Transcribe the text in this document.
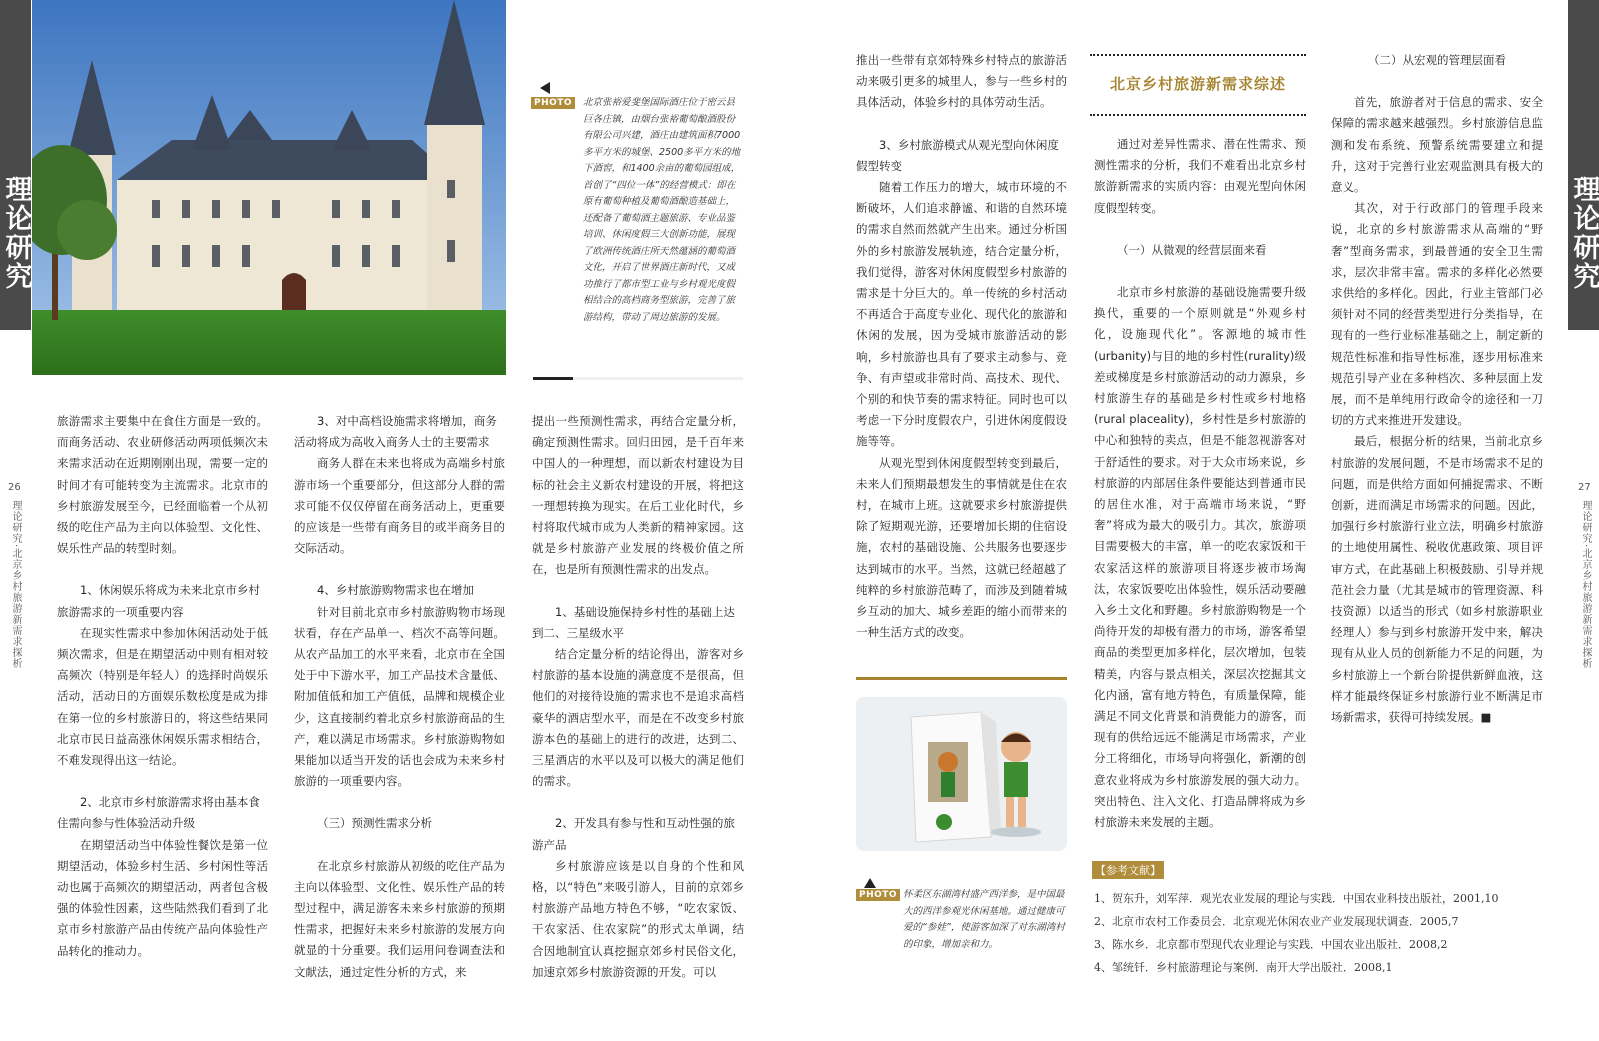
理论研究
26
理论研究·北京乡村旅游新需求探析
PHOTO	北京张裕爱斐堡国际酒庄位于密云县巨各庄镇，由烟台张裕葡萄酿酒股份有限公司兴建，酒庄由建筑面积7000多平方米的城堡、2500多平方米的地下酒窖，和1400余亩的葡萄园组成，首创了“四位一体”的经营模式：即在原有葡萄种植及葡萄酒酿造基础上，还配备了葡萄酒主题旅游、专业品鉴培训、休闲度假三大创新功能，展现了欧洲传统酒庄所天然蕴涵的葡萄酒文化，开启了世界酒庄新时代，又成功推行了都市型工业与乡村观光度假相结合的高档商务型旅游，完善了旅游结构，带动了周边旅游的发展。
旅游需求主要集中在食住方面是一致的。而商务活动、农业研修活动两项低频次未来需求活动在近期刚刚出现，需要一定的时间才有可能转变为主流需求。北京市的乡村旅游发展至今，已经面临着一个从初级的吃住产品为主向以体验型、文化性、娱乐性产品的转型时刻。
1、休闲娱乐将成为未来北京市乡村旅游需求的一项重要内容
在现实性需求中参加休闲活动处于低频次需求，但是在期望活动中则有相对较高频次（特别是年轻人）的选择时尚娱乐活动，活动日的方面娱乐数松度是成为排在第一位的乡村旅游日的，将这些结果同北京市民日益高涨休闲娱乐需求相结合，不难发现得出这一结论。
2、北京市乡村旅游需求将由基本食住需向参与性体验活动升级
在期望活动当中体验性餐饮是第一位期望活动，体验乡村生活、乡村闲性等活动也属于高频次的期望活动，两者包含极强的体验性因素，这些陆然我们看到了北京市乡村旅游产品由传统产品向体验性产品转化的推动力。
3、对中高档设施需求将增加，商务活动将成为高收入商务人士的主要需求
商务人群在未来也将成为高端乡村旅游市场一个重要部分，但这部分人群的需求可能不仅仅停留在商务活动上，更重要的应该是一些带有商务目的或半商务目的交际活动。
4、乡村旅游购物需求也在增加
针对目前北京市乡村旅游购物市场现状看，存在产品单一、档次不高等问题。从农产品加工的水平来看，北京市在全国处于中下游水平，加工产品技术含量低、附加值低和加工产值低，品牌和规模企业少，这直接制约着北京乡村旅游商品的生产，难以满足市场需求。乡村旅游购物如果能加以适当开发的话也会成为未来乡村旅游的一项重要内容。
（三）预测性需求分析
在北京乡村旅游从初级的吃住产品为主向以体验型、文化性、娱乐性产品的转型过程中，满足游客未来乡村旅游的预期性需求，把握好未来乡村旅游的发展方向就显的十分重要。我们运用问卷调查法和文献法，通过定性分析的方式，来
提出一些预测性需求，再结合定量分析，确定预测性需求。回归田园，是千百年来中国人的一种理想，而以新农村建设为目标的社会主义新农村建设的开展，将把这一理想转换为现实。在后工业化时代，乡村将取代城市成为人类新的精神家园。这就是乡村旅游产业发展的终极价值之所在，也是所有预测性需求的出发点。
1、基础设施保持乡村性的基础上达到二、三星级水平
结合定量分析的结论得出，游客对乡村旅游的基本设施的满意度不是很高，但他们的对接待设施的需求也不是追求高档豪华的酒店型水平，而是在不改变乡村旅游本色的基础上的进行的改进，达到二、三星酒店的水平以及可以极大的满足他们的需求。
2、开发具有参与性和互动性强的旅游产品
乡村旅游应该是以自身的个性和风格，以“特色”来吸引游人，目前的京郊乡村旅游产品地方特色不够，“吃农家饭、干农家活、住农家院”的形式太单调，结合因地制宜认真挖掘京郊乡村民俗文化，加速京郊乡村旅游资源的开发。可以
理论研究
27
理论研究·北京乡村旅游新需求探析
推出一些带有京郊特殊乡村特点的旅游活动来吸引更多的城里人，参与一些乡村的具体活动，体验乡村的具体劳动生活。
3、乡村旅游模式从观光型向休闲度假型转变
随着工作压力的增大，城市环境的不断破坏，人们追求静谧、和谐的自然环境的需求自然而然就产生出来。通过分析国外的乡村旅游发展轨迹，结合定量分析，我们觉得，游客对休闲度假型乡村旅游的需求是十分巨大的。单一传统的乡村活动不再适合于高度专业化、现代化的旅游和休闲的发展，因为受城市旅游活动的影响，乡村旅游也具有了要求主动参与、竞争、有声望或非常时尚、高技术、现代、个别的和快节奏的需求特征。同时也可以考虑一下分时度假农户，引进休闲度假设施等等。
从观光型到休闲度假型转变到最后，未来人们预期最想发生的事情就是住在农村，在城市上班。这就要求乡村旅游提供除了短期观光游，还要增加长期的住宿设施，农村的基础设施、公共服务也要逐步达到城市的水平。当然，这就已经超越了纯粹的乡村旅游范畴了，而涉及到随着城乡互动的加大、城乡差距的缩小而带来的一种生活方式的改变。
北京乡村旅游新需求综述
通过对差异性需求、潜在性需求、预测性需求的分析，我们不难看出北京乡村旅游新需求的实质内容：由观光型向休闲度假型转变。
（一）从微观的经营层面来看
北京市乡村旅游的基础设施需要升级换代，重要的一个原则就是“外观乡村化，设施现代化”。客源地的城市性(urbanity)与目的地的乡村性(rurality)级差或梯度是乡村旅游活动的动力源泉，乡村旅游生存的基础是乡村性或乡村地格(rural placeality)，乡村性是乡村旅游的中心和独特的卖点，但是不能忽视游客对于舒适性的要求。对于大众市场来说，乡村旅游的内部居住条件要能达到普通市民的居住水准，对于高端市场来说，“野奢”将成为最大的吸引力。其次，旅游项目需要极大的丰富，单一的吃农家饭和干农家活这样的旅游项目将逐步被市场淘汰，农家饭要吃出体验性，娱乐活动要融入乡土文化和野趣。乡村旅游购物是一个尚待开发的却极有潜力的市场，游客希望商品的类型更加多样化，层次增加，包装精美，内容与景点相关，深层次挖掘其文化内涵，富有地方特色，有质量保障，能满足不同文化背景和消费能力的游客，而现有的供给远远不能满足市场需求，产业分工将细化，市场导向将强化，新潮的创意农业将成为乡村旅游发展的强大动力。突出特色、注入文化、打造品牌将成为乡村旅游未来发展的主题。
（二）从宏观的管理层面看
首先，旅游者对于信息的需求、安全保障的需求越来越强烈。乡村旅游信息监测和发布系统、预警系统需要建立和提升，这对于完善行业宏观监测具有极大的意义。
其次，对于行政部门的管理手段来说，北京的乡村旅游需求从高端的“野奢”型商务需求，到最普通的安全卫生需求，层次非常丰富。需求的多样化必然要求供给的多样化。因此，行业主管部门必须针对不同的经营类型进行分类指导，在现有的一些行业标准基础之上，制定新的规范性标准和指导性标准，逐步用标准来规范引导产业在多种档次、多种层面上发展，而不是单纯用行政命令的途径和一刀切的方式来推进开发建设。
最后，根据分析的结果，当前北京乡村旅游的发展问题，不是市场需求不足的问题，而是供给方面如何捕捉需求、不断创新，进而满足市场需求的问题。因此，加强行乡村旅游行业立法，明确乡村旅游的土地使用属性、税收优惠政策、项目评审方式，在此基础上积极鼓励、引导并规范社会力量（尤其是城市的管理资源、科技资源）以适当的形式（如乡村旅游职业经理人）参与到乡村旅游开发中来，解决现有从业人员的创新能力不足的问题，为乡村旅游上一个新台阶提供新鲜血液，这样才能最终保证乡村旅游行业不断满足市场新需求，获得可持续发展。■
PHOTO 怀柔区东湖湾村盛产西洋参，是中国最大的西洋参观光休闲基地。通过健康可爱的“参娃”，使游客加深了对东湖湾村的印象，增加亲和力。
【参考文献】
1、贺东升，刘军萍．观光农业发展的理论与实践．中国农业科技出版社，2001,10
2、北京市农村工作委员会．北京观光休闲农业产业发展现状调查．2005,7
3、陈水乡．北京都市型现代农业理论与实践．中国农业出版社．2008,2
4、邹统钎．乡村旅游理论与案例．南开大学出版社．2008,1
